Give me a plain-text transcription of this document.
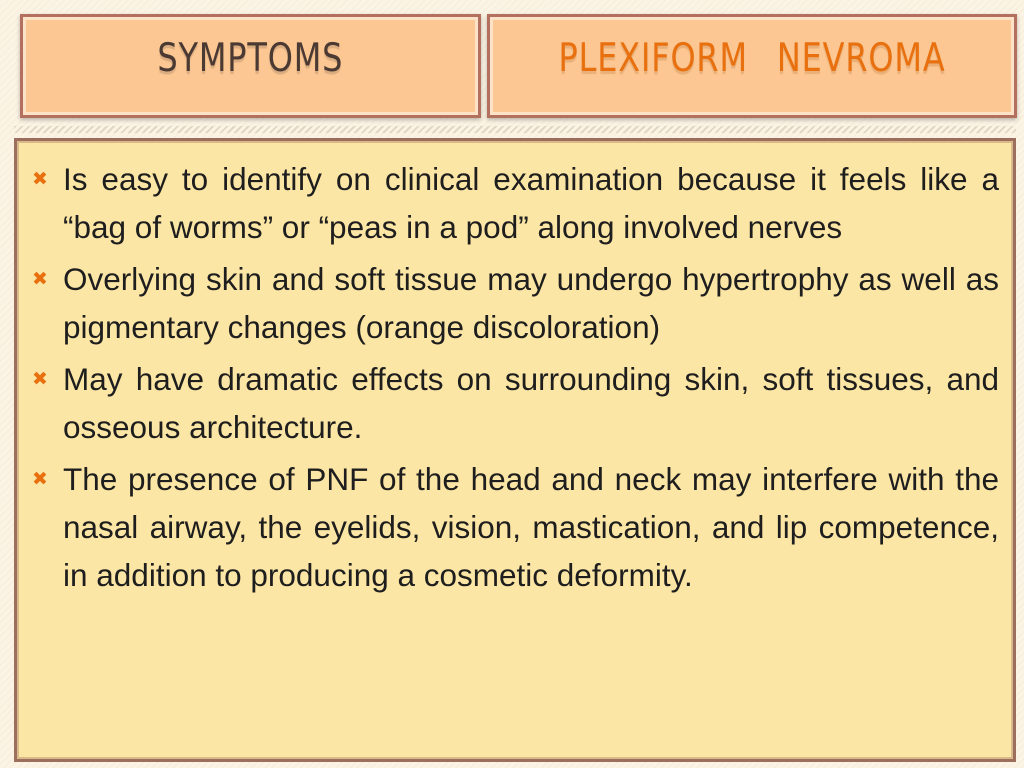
SYMPTOMS	PLEXIFORM NEVROMA
✖ Is easy to identify on clinical examination because it feels like a “bag of worms” or “peas in a pod” along involved nerves
✖ Overlying skin and soft tissue may undergo hypertrophy as well as pigmentary changes (orange discoloration)
✖ May have dramatic effects on surrounding skin, soft tissues, and osseous architecture.
✖ The presence of PNF of the head and neck may interfere with the nasal airway, the eyelids, vision, mastication, and lip competence, in addition to producing a cosmetic deformity.
